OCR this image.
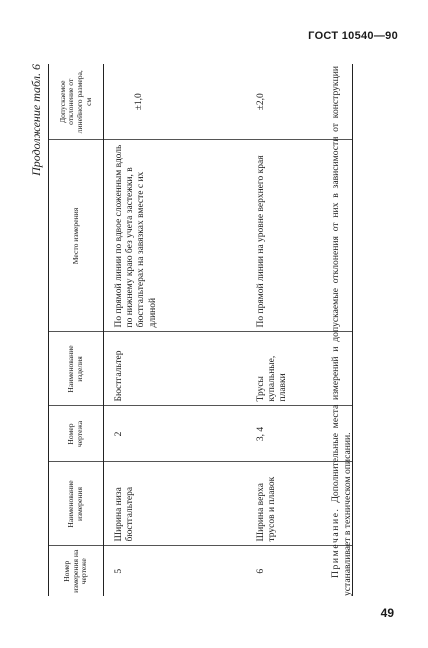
ГОСТ 10540—90
Продолжение табл. 6
Номер измерения на чертеже	Наименование измерения	Номер чертежа	Наименование изделия	Место измерения	Допускаемое отклонение от линейного размера, см
5	Ширина низа бюстгальтера	2	Бюстгальтер	По прямой линии по вдвое сложенным вдоль по нижнему краю без учета застежки, в бюстгальтерах на завязках вместе с их длиной	±1,0
6	Ширина верха трусов и плавок	3, 4	Трусы купальные, плавки	По прямой линии на уровне верхнего края	±2,0

Примечание. Дополнительные места измерений и допускаемые отклонения от них в зависимости от конструкции устанавливает в техническом описании.

49
